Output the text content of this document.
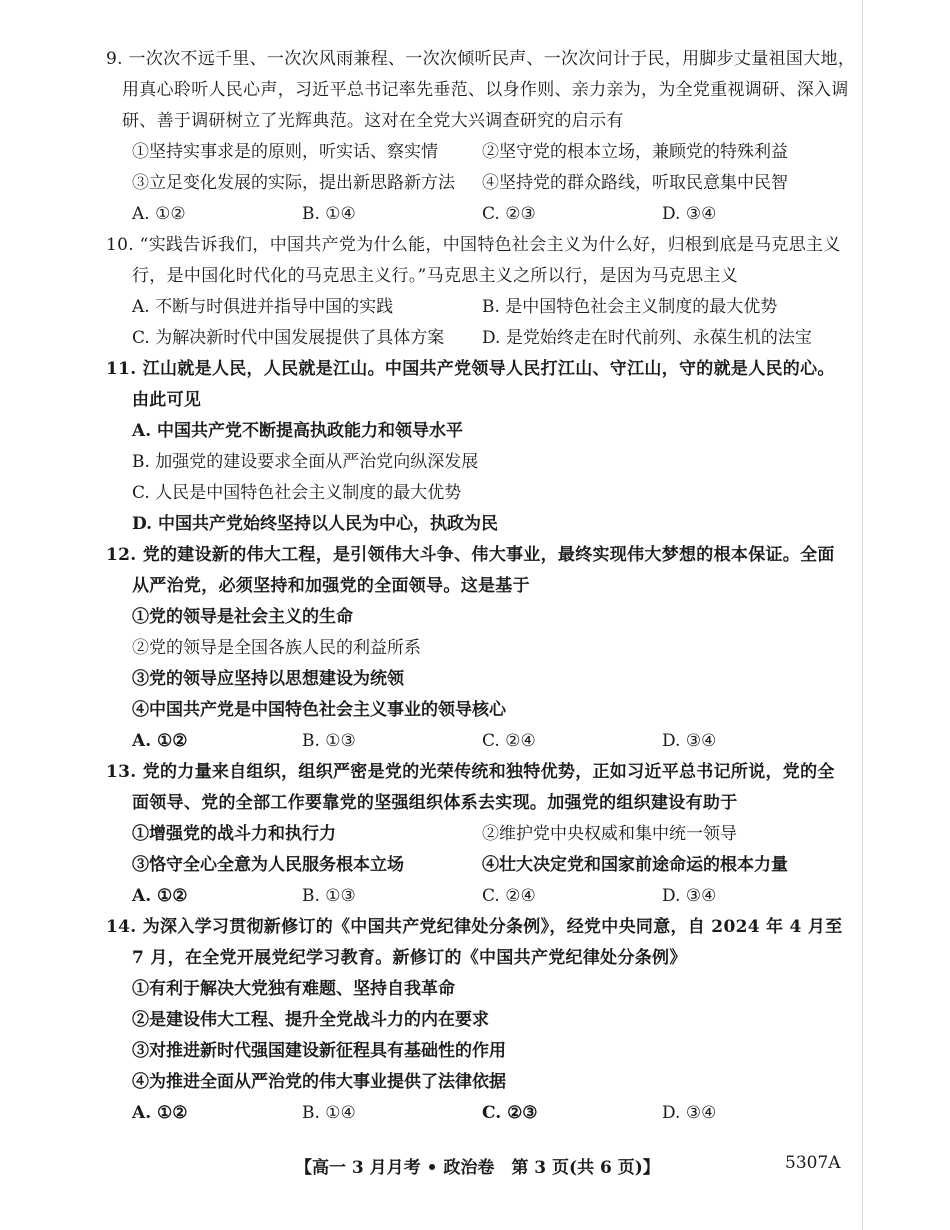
9. 一次次不远千里、一次次风雨兼程、一次次倾听民声、一次次问计于民，用脚步丈量祖国大地，
用真心聆听人民心声，习近平总书记率先垂范、以身作则、亲力亲为，为全党重视调研、深入调
研、善于调研树立了光辉典范。这对在全党大兴调查研究的启示有
①坚持实事求是的原则，听实话、察实情	②坚守党的根本立场，兼顾党的特殊利益
③立足变化发展的实际，提出新思路新方法 ④坚持党的群众路线，听取民意集中民智
A. ①②	B. ①④	C. ②③	D. ③④
10. “实践告诉我们，中国共产党为什么能，中国特色社会主义为什么好，归根到底是马克思主义
行，是中国化时代化的马克思主义行。”马克思主义之所以行，是因为马克思主义
A. 不断与时俱进并指导中国的实践	B. 是中国特色社会主义制度的最大优势
C. 为解决新时代中国发展提供了具体方案 D. 是党始终走在时代前列、永葆生机的法宝
11. 江山就是人民，人民就是江山。中国共产党领导人民打江山、守江山，守的就是人民的心。
由此可见
A. 中国共产党不断提高执政能力和领导水平
B. 加强党的建设要求全面从严治党向纵深发展
C. 人民是中国特色社会主义制度的最大优势
D. 中国共产党始终坚持以人民为中心，执政为民
12. 党的建设新的伟大工程，是引领伟大斗争、伟大事业，最终实现伟大梦想的根本保证。全面
从严治党，必须坚持和加强党的全面领导。这是基于
①党的领导是社会主义的生命
②党的领导是全国各族人民的利益所系
③党的领导应坚持以思想建设为统领
④中国共产党是中国特色社会主义事业的领导核心
A. ①②	B. ①③	C. ②④	D. ③④
13. 党的力量来自组织，组织严密是党的光荣传统和独特优势，正如习近平总书记所说，党的全
面领导、党的全部工作要靠党的坚强组织体系去实现。加强党的组织建设有助于
①增强党的战斗力和执行力	②维护党中央权威和集中统一领导
③恪守全心全意为人民服务根本立场	④壮大决定党和国家前途命运的根本力量
A. ①②	B. ①③	C. ②④	D. ③④
14. 为深入学习贯彻新修订的《中国共产党纪律处分条例》，经党中央同意，自 2024 年 4 月至
7 月，在全党开展党纪学习教育。新修订的《中国共产党纪律处分条例》
①有利于解决大党独有难题、坚持自我革命
②是建设伟大工程、提升全党战斗力的内在要求
③对推进新时代强国建设新征程具有基础性的作用
④为推进全面从严治党的伟大事业提供了法律依据
A. ①②	B. ①④	C. ②③	D. ③④
【高一 3 月月考 • 政治卷　第 3 页(共 6 页)】	5307A
